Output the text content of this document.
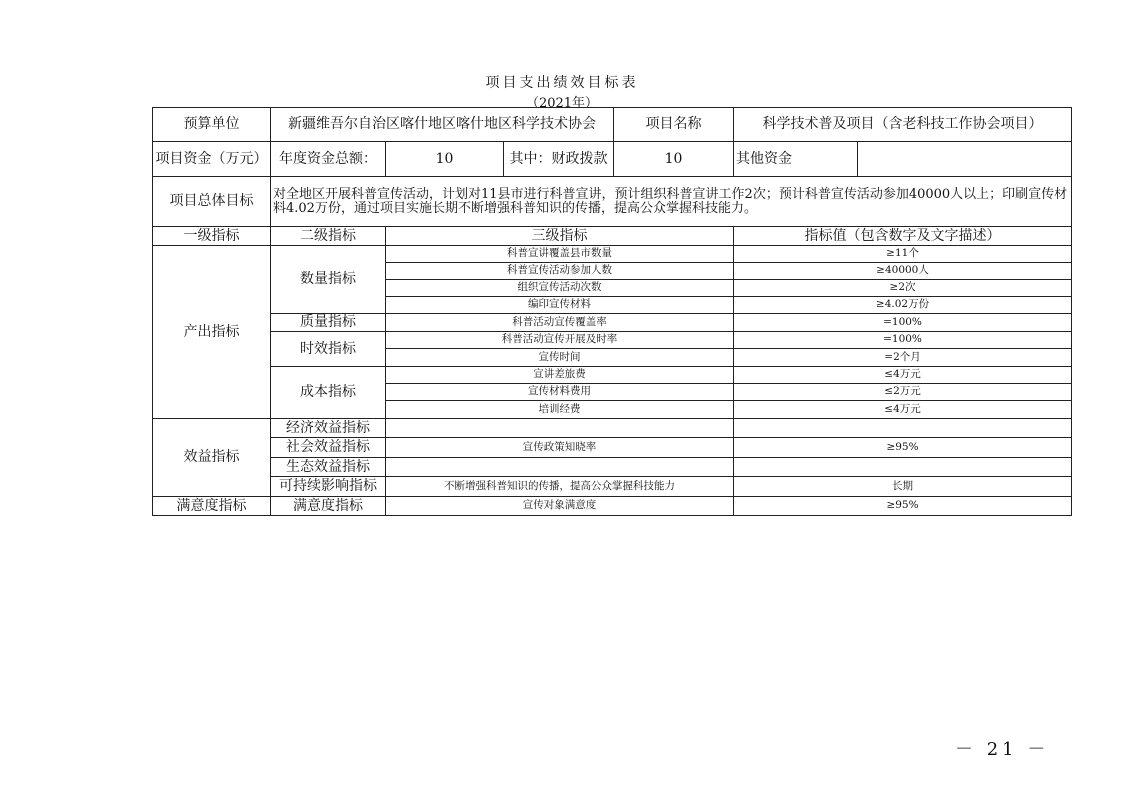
项目支出绩效目标表
（2021年）
预算单位	新疆维吾尔自治区喀什地区喀什地区科学技术协会			项目名称	科学技术普及项目（含老科技工作协会项目）	
项目资金（万元）	年度资金总额：	10	其中：财政拨款	10	其他资金	
项目总体目标	对全地区开展科普宣传活动，计划对11县市进行科普宣讲，预计组织科普宣讲工作2次；预计科普宣传活动参加40000人以上；印刷宣传材料4.02万份，通过项目实施长期不断增强科普知识的传播，提高公众掌握科技能力。					
一级指标	二级指标	三级指标			指标值（包含数字及文字描述）	
产出指标	数量指标	科普宣讲覆盖县市数量			≥11个	
		科普宣传活动参加人数			≥40000人	
		组织宣传活动次数			≥2次	
		编印宣传材料			≥4.02万份	
	质量指标	科普活动宣传覆盖率			=100%	
	时效指标	科普活动宣传开展及时率			=100%	
		宣传时间			=2个月	
	成本指标	宣讲差旅费			≤4万元	
		宣传材料费用			≤2万元	
		培训经费			≤4万元	
效益指标	经济效益指标					
	社会效益指标	宣传政策知晓率			≥95%	
	生态效益指标					
	可持续影响指标	不断增强科普知识的传播，提高公众掌握科技能力			长期	
满意度指标	满意度指标	宣传对象满意度			≥95%	
－ 21 －
